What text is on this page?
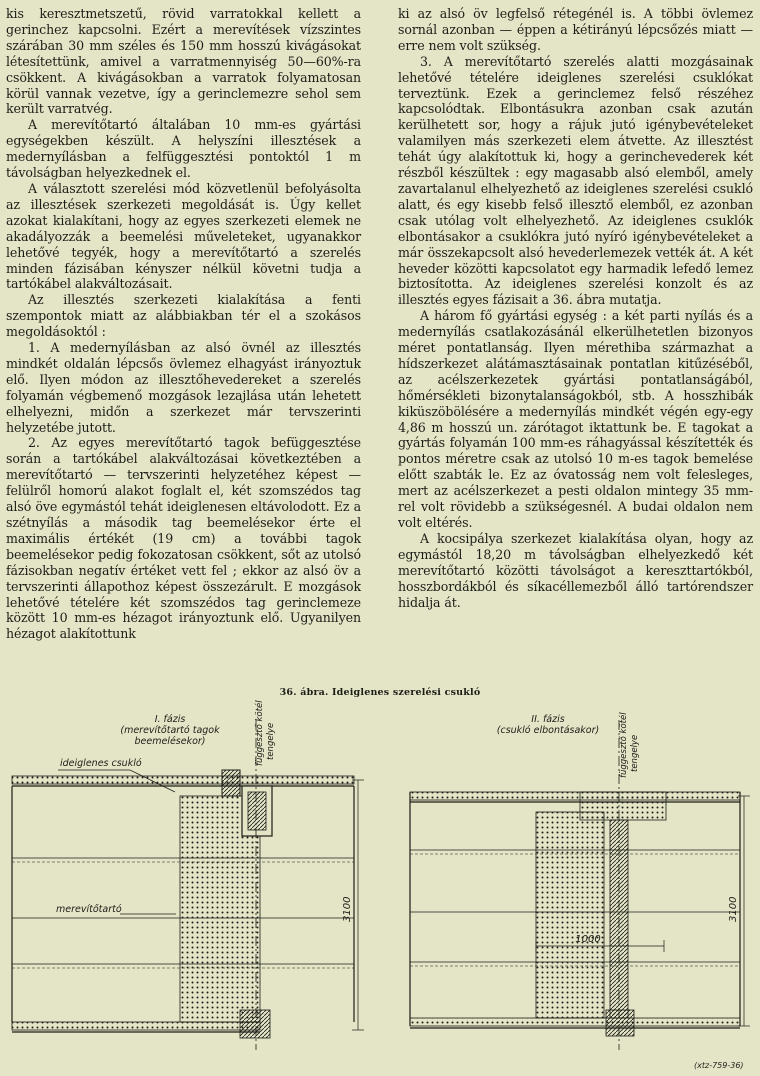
kis keresztmetszetű, rövid varratokkal kellett a gerinchez kapcsolni. Ezért a merevítések vízszintes szárában 30 mm széles és 150 mm hosszú kivágásokat létesítettünk, amivel a varratmennyiség 50—60%-ra csökkent. A kivágásokban a varratok folyamatosan körül vannak vezetve, így a gerinclemezre sehol sem került varratvég.

A merevítőtartó általában 10 mm-es gyártási egységekben készült. A helyszíni illesztések a medernyílásban a felfüggesztési pontoktól 1 m távolságban helyezkednek el.

A választott szerelési mód közvetlenül befolyásolta az illesztések szerkezeti megoldását is. Úgy kellet azokat kialakítani, hogy az egyes szerkezeti elemek ne akadályozzák a beemelési műveleteket, ugyanakkor lehetővé tegyék, hogy a merevítőtartó a szerelés minden fázisában kényszer nélkül követni tudja a tartókábel alakváltozásait.

Az illesztés szerkezeti kialakítása a fenti szempontok miatt az alábbiakban tér el a szokásos megoldásoktól :

1. A medernyílásban az alsó övnél az illesztés mindkét oldalán lépcsős övlemez elhagyást irányoztuk elő. Ilyen módon az illesztőhevedereket a szerelés folyamán végbemenő mozgások lezajlása után lehetett elhelyezni, midőn a szerkezet már tervszerinti helyzetébe jutott.

2. Az egyes merevítőtartó tagok befüggesztése során a tartókábel alakváltozásai következtében a merevítőtartó — tervszerinti helyzetéhez képest — felülről homorú alakot foglalt el, két szomszédos tag alsó öve egymástól tehát ideiglenesen eltávolodott. Ez a szétnyílás a második tag beemelésekor érte el maximális értékét (19 cm) a további tagok beemelésekor pedig fokozatosan csökkent, sőt az utolsó fázisokban negatív értéket vett fel ; ekkor az alsó öv a tervszerinti állapothoz képest összezárult. E mozgások lehetővé tételére két szomszédos tag gerinclemeze között 10 mm-es hézagot irányoztunk elő. Ugyanilyen hézagot alakítottunk

ki az alsó öv legfelső rétegénél is. A többi övlemez sornál azonban — éppen a kétirányú lépcsőzés miatt — erre nem volt szükség.

3. A merevítőtartó szerelés alatti mozgásainak lehetővé tételére ideiglenes szerelési csuklókat terveztünk. Ezek a gerinclemez felső részéhez kapcsolódtak. Elbontásukra azonban csak azután kerülhetett sor, hogy a rájuk jutó igénybevételeket valamilyen más szerkezeti elem átvette. Az illesztést tehát úgy alakítottuk ki, hogy a gerinchevederek két részből készültek : egy magasabb alsó elemből, amely zavartalanul elhelyezhető az ideiglenes szerelési csukló alatt, és egy kisebb felső illesztő elemből, ez azonban csak utólag volt elhelyezhető. Az ideiglenes csuklók elbontásakor a csuklókra jutó nyíró igénybevételeket a már összekapcsolt alsó hevederlemezek vették át. A két heveder közötti kapcsolatot egy harmadik lefedő lemez biztosította. Az ideiglenes szerelési konzolt és az illesztés egyes fázisait a 36. ábra mutatja.

A három fő gyártási egység : a két parti nyílás és a medernyílás csatlakozásánál elkerülhetetlen bizonyos méret pontatlanság. Ilyen mérethiba származhat a hídszerkezet alátámasztásainak pontatlan kitűzéséből, az acélszerkezetek gyártási pontatlanságából, hőmérsékleti bizonytalanságokból, stb. A hosszhibák kiküszöbölésére a medernyílás mindkét végén egy-egy 4,86 m hosszú un. zárótagot iktattunk be. E tagokat a gyártás folyamán 100 mm-es ráhagyással készítették és pontos méretre csak az utolsó 10 m-es tagok bemelése előtt szabták le. Ez az óvatosság nem volt felesleges, mert az acélszerkezet a pesti oldalon mintegy 35 mm-rel volt rövidebb a szükségesnél. A budai oldalon nem volt eltérés.

A kocsipálya szerkezet kialakítása olyan, hogy az egymástól 18,20 m távolságban elhelyezkedő két merevítőtartó közötti távolságot a kereszttartókból, hosszbordákból és síkacéllemezből álló tartórendszer hidalja át.

36. ábra. Ideiglenes szerelési csukló
I. fázis
(merevítőtartó tagok
beemelésekor)
ideiglenes csukló
merevítőtartó
függesztő kötél tengelye
3100
II. fázis
(csukló elbontásakor) függesztő kötél tengelye
1000
3100
(xtz-759-36)
